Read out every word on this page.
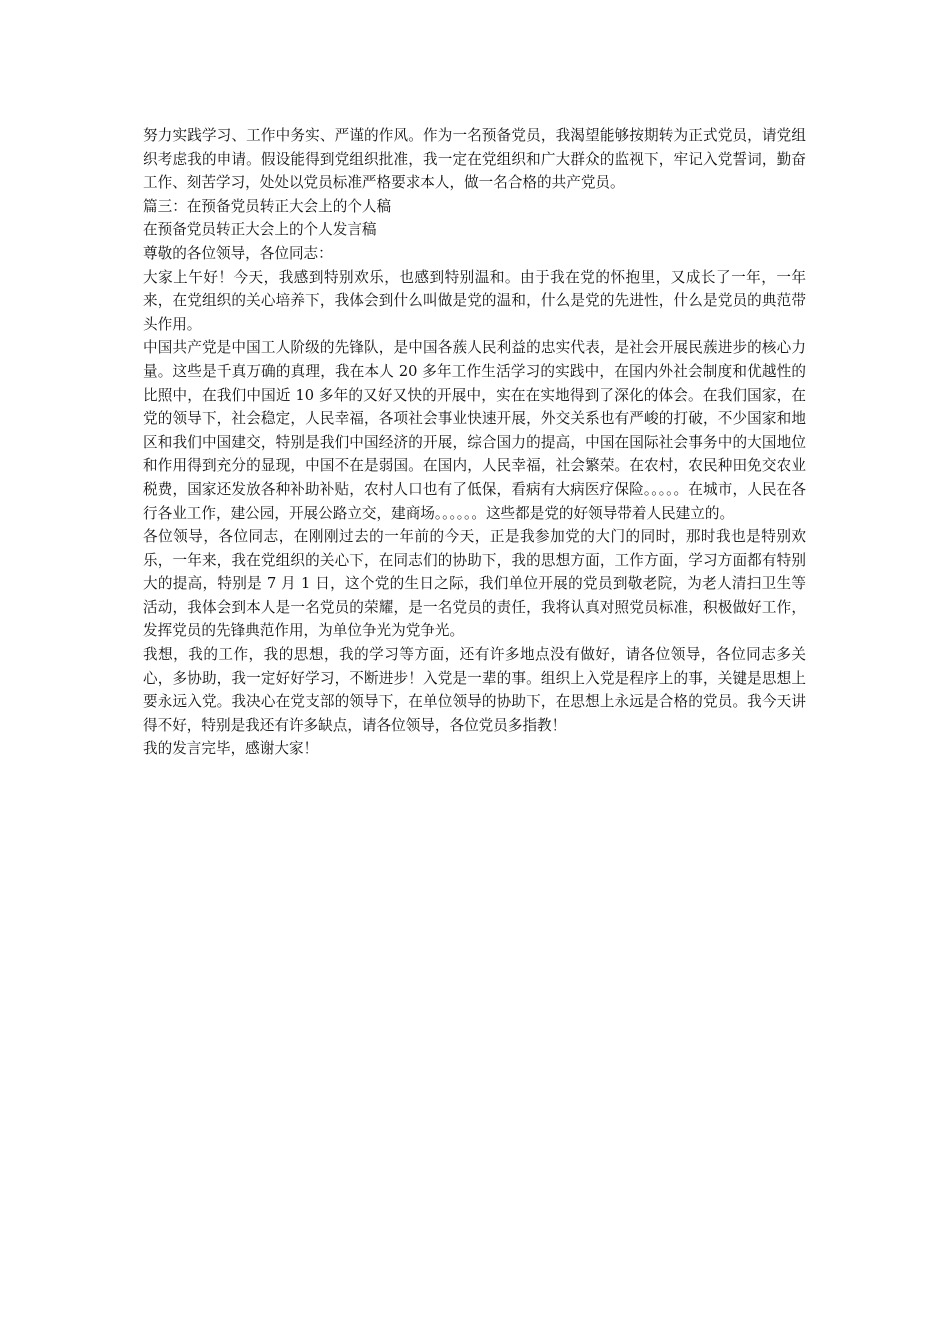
努力实践学习、工作中务实、严谨的作风。作为一名预备党员，我渴望能够按期转为正式党员，请党组织考虑我的申请。假设能得到党组织批准，我一定在党组织和广大群众的监视下，牢记入党誓词，勤奋工作、刻苦学习，处处以党员标准严格要求本人，做一名合格的共产党员。

篇三：在预备党员转正大会上的个人稿

在预备党员转正大会上的个人发言稿

尊敬的各位领导，各位同志：

大家上午好！今天，我感到特别欢乐，也感到特别温和。由于我在党的怀抱里，又成长了一年，一年来，在党组织的关心培养下，我体会到什么叫做是党的温和，什么是党的先进性，什么是党员的典范带头作用。

中国共产党是中国工人阶级的先锋队，是中国各蔟人民利益的忠实代表，是社会开展民蔟进步的核心力量。这些是千真万确的真理，我在本人 20 多年工作生活学习的实践中，在国内外社会制度和优越性的比照中，在我们中国近 10 多年的又好又快的开展中，实在在实地得到了深化的体会。在我们国家，在党的领导下，社会稳定，人民幸福，各项社会事业快速开展，外交关系也有严峻的打破，不少国家和地区和我们中国建交，特别是我们中国经济的开展，综合国力的提高，中国在国际社会事务中的大国地位和作用得到充分的显现，中国不在是弱国。在国内，人民幸福，社会繁荣。在农村，农民种田免交农业税费，国家还发放各种补助补贴，农村人口也有了低保，看病有大病医疗保险。。。。。在城市，人民在各行各业工作，建公园，开展公路立交，建商场。。。。。。这些都是党的好领导带着人民建立的。

各位领导，各位同志，在刚刚过去的一年前的今天，正是我参加党的大门的同时，那时我也是特别欢乐，一年来，我在党组织的关心下，在同志们的协助下，我的思想方面，工作方面，学习方面都有特别大的提高，特别是 7 月 1 日，这个党的生日之际，我们单位开展的党员到敬老院，为老人清扫卫生等活动，我体会到本人是一名党员的荣耀，是一名党员的责任，我将认真对照党员标准，积极做好工作，发挥党员的先锋典范作用，为单位争光为党争光。

我想，我的工作，我的思想，我的学习等方面，还有许多地点没有做好，请各位领导，各位同志多关心，多协助，我一定好好学习，不断进步！入党是一辈的事。组织上入党是程序上的事，关键是思想上要永远入党。我决心在党支部的领导下，在单位领导的协助下，在思想上永远是合格的党员。我今天讲得不好，特别是我还有许多缺点，请各位领导，各位党员多指教！

我的发言完毕，感谢大家！
